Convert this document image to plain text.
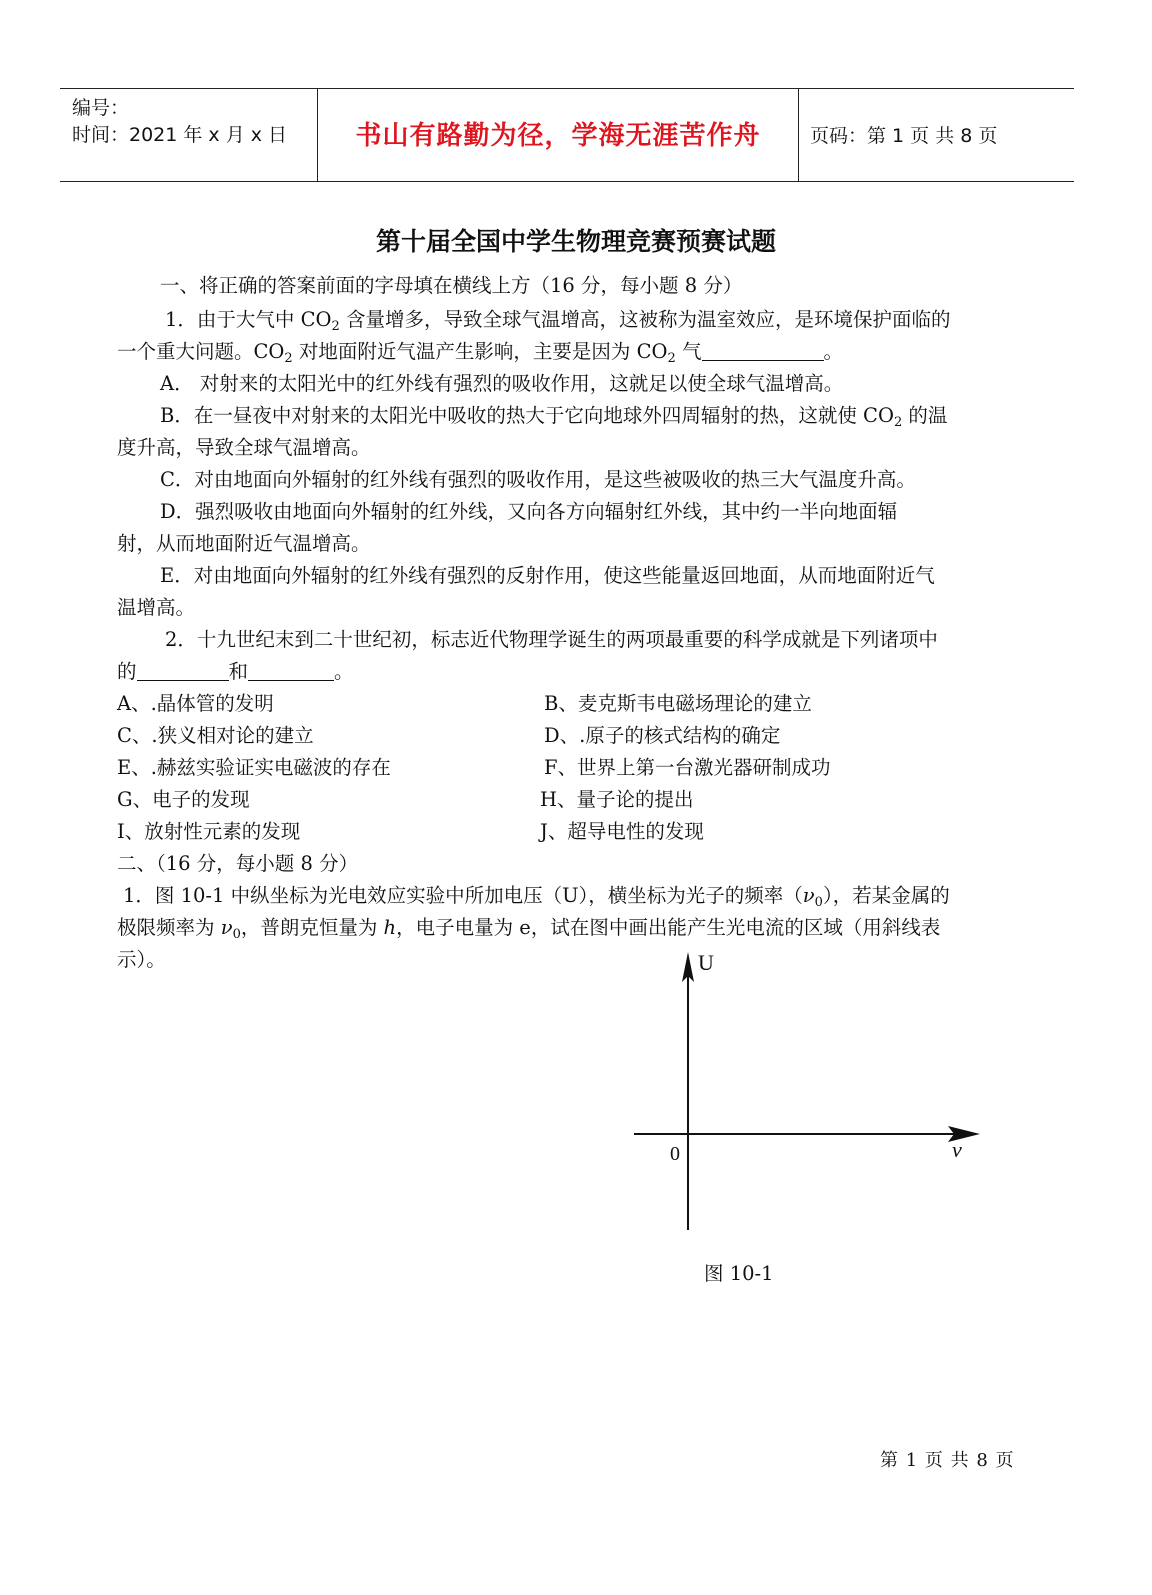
编号：
时间：2021 年 x 月 x 日	书山有路勤为径，学海无涯苦作舟	页码：第 1 页 共 8 页
第十届全国中学生物理竞赛预赛试题
一、将正确的答案前面的字母填在横线上方（16 分，每小题 8 分）
1．由于大气中 $CO_2$ 含量增多，导致全球气温增高，这被称为温室效应，是环境保护面临的
一个重大问题。$CO_2$ 对地面附近气温产生影响，主要是因为 $CO_2$ 气	。
A． 对射来的太阳光中的红外线有强烈的吸收作用，这就足以使全球气温增高。
B．在一昼夜中对射来的太阳光中吸收的热大于它向地球外四周辐射的热，这就使 $CO_2$ 的温
度升高，导致全球气温增高。
C．对由地面向外辐射的红外线有强烈的吸收作用，是这些被吸收的热三大气温度升高。
D．强烈吸收由地面向外辐射的红外线，又向各方向辐射红外线，其中约一半向地面辐
射，从而地面附近气温增高。
E．对由地面向外辐射的红外线有强烈的反射作用，使这些能量返回地面，从而地面附近气
温增高。
2．十九世纪末到二十世纪初，标志近代物理学诞生的两项最重要的科学成就是下列诸项中
的	和	。
A、.晶体管的发明	B、麦克斯韦电磁场理论的建立
C、.狭义相对论的建立	D、.原子的核式结构的确定
E、.赫兹实验证实电磁波的存在	F、世界上第一台激光器研制成功
G、电子的发现	H、量子论的提出
I、放射性元素的发现	J、超导电性的发现
二、（16 分，每小题 8 分）
1．图 10-1 中纵坐标为光电效应实验中所加电压（U），横坐标为光子的频率$(\nu_0)$，若某金属的
极限频率为 $\nu_0$，普朗克恒量为 h，电子电量为 e，试在图中画出能产生光电流的区域（用斜线表
示）。	U
0	ν
图 10-1
第 1 页 共 8 页
